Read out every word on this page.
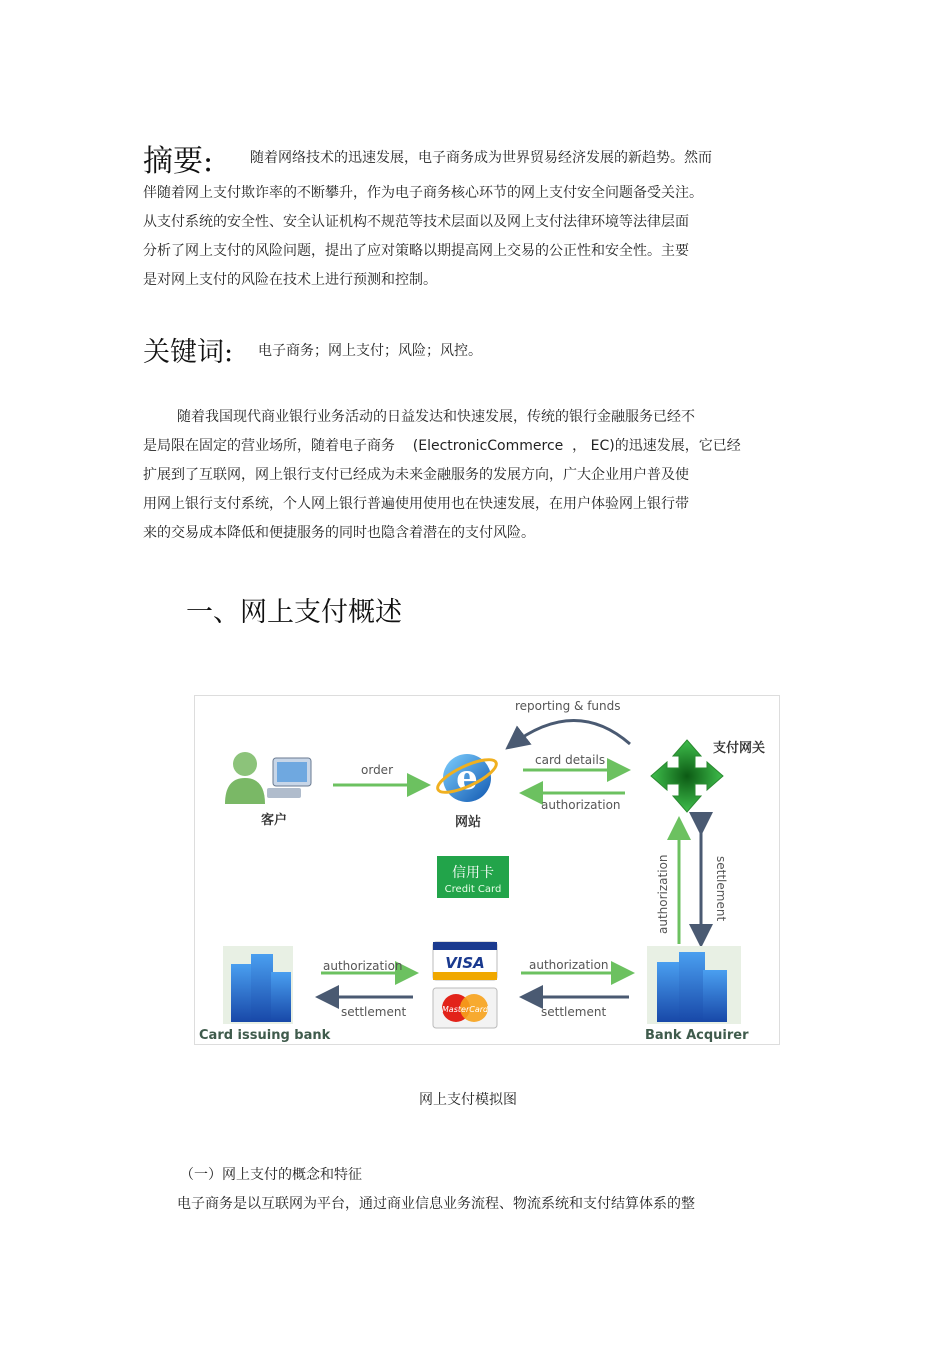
摘要:	随着网络技术的迅速发展，电子商务成为世界贸易经济发展的新趋势。然而
伴随着网上支付欺诈率的不断攀升，作为电子商务核心环节的网上支付安全问题备受关注。
从支付系统的安全性、安全认证机构不规范等技术层面以及网上支付法律环境等法律层面
分析了网上支付的风险问题，提出了应对策略以期提高网上交易的公正性和安全性。主要
是对网上支付的风险在技术上进行预测和控制。
关键词: 电子商务；网上支付；风险；风控。
随着我国现代商业银行业务活动的日益发达和快速发展，传统的银行金融服务已经不
是局限在固定的营业场所，随着电子商务    (ElectronicCommerce  ， EC)的迅速发展，它已经
扩展到了互联网，网上银行支付已经成为未来金融服务的发展方向，广大企业用户普及使
用网上银行支付系统，个人网上银行普遍使用使用也在快速发展，在用户体验网上银行带
来的交易成本降低和便捷服务的同时也隐含着潜在的支付风险。
一、网上支付概述
reporting & funds
客户
order e
网站
card details
authorization
支付网关
信用卡
Credit Card	authorization	settlement
Card issuing bank
authorization
settlement
VISA
MasterCard
authorization
settlement
Bank Acquirer
网上支付模拟图
（一）网上支付的概念和特征
电子商务是以互联网为平台，通过商业信息业务流程、物流系统和支付结算体系的整
